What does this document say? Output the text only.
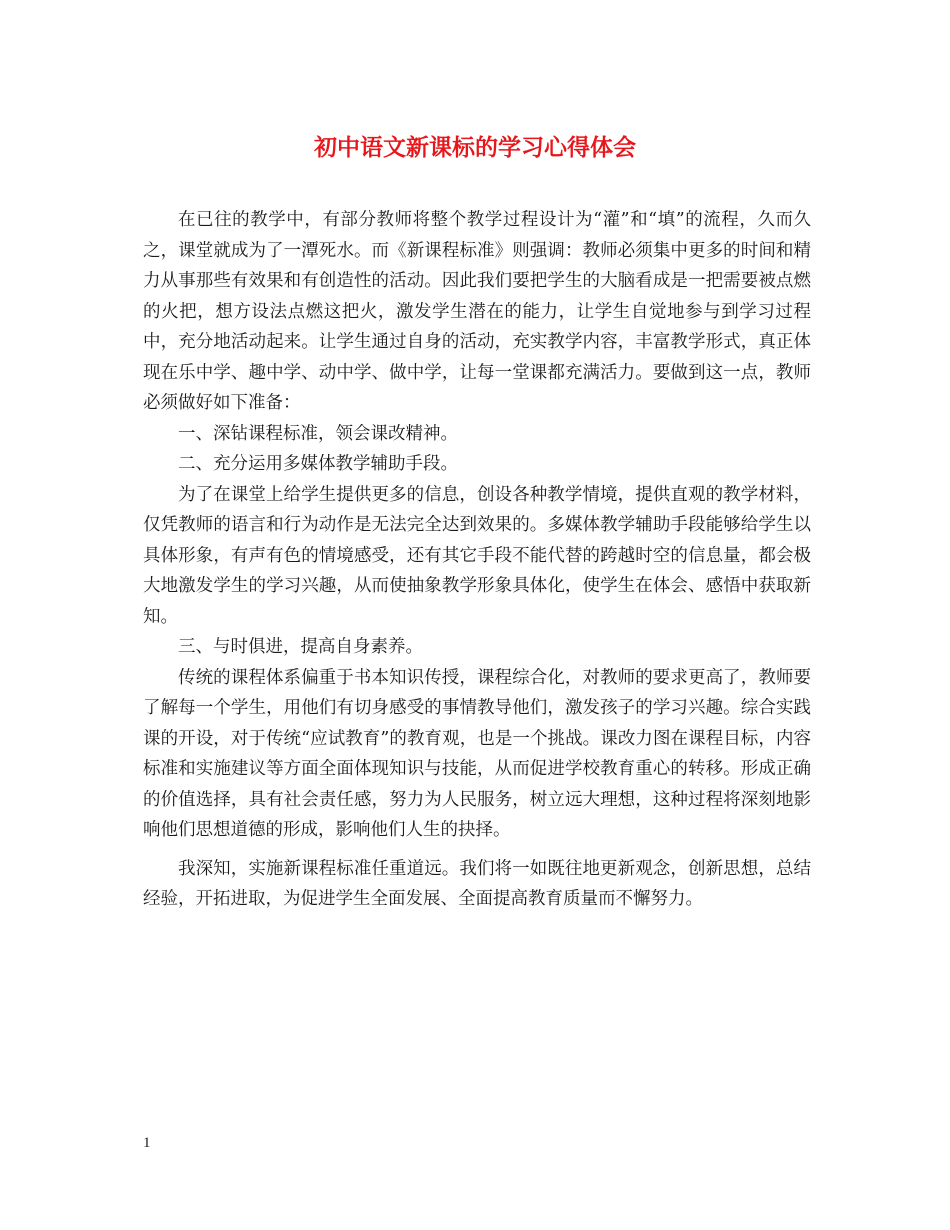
初中语文新课标的学习心得体会

在已往的教学中，有部分教师将整个教学过程设计为“灌”和“填”的流程，久而久之，课堂就成为了一潭死水。而《新课程标准》则强调：教师必须集中更多的时间和精力从事那些有效果和有创造性的活动。因此我们要把学生的大脑看成是一把需要被点燃的火把，想方设法点燃这把火，激发学生潜在的能力，让学生自觉地参与到学习过程中，充分地活动起来。让学生通过自身的活动，充实教学内容，丰富教学形式，真正体现在乐中学、趣中学、动中学、做中学，让每一堂课都充满活力。要做到这一点，教师必须做好如下准备：

一、深钻课程标准，领会课改精神。

二、充分运用多媒体教学辅助手段。

为了在课堂上给学生提供更多的信息，创设各种教学情境，提供直观的教学材料，仅凭教师的语言和行为动作是无法完全达到效果的。多媒体教学辅助手段能够给学生以具体形象，有声有色的情境感受，还有其它手段不能代替的跨越时空的信息量，都会极大地激发学生的学习兴趣，从而使抽象教学形象具体化，使学生在体会、感悟中获取新知。

三、与时俱进，提高自身素养。

传统的课程体系偏重于书本知识传授，课程综合化，对教师的要求更高了，教师要了解每一个学生，用他们有切身感受的事情教导他们，激发孩子的学习兴趣。综合实践课的开设，对于传统“应试教育”的教育观，也是一个挑战。课改力图在课程目标，内容标准和实施建议等方面全面体现知识与技能，从而促进学校教育重心的转移。形成正确的价值选择，具有社会责任感，努力为人民服务，树立远大理想，这种过程将深刻地影响他们思想道德的形成，影响他们人生的抉择。

我深知，实施新课程标准任重道远。我们将一如既往地更新观念，创新思想，总结经验，开拓进取，为促进学生全面发展、全面提高教育质量而不懈努力。

1
